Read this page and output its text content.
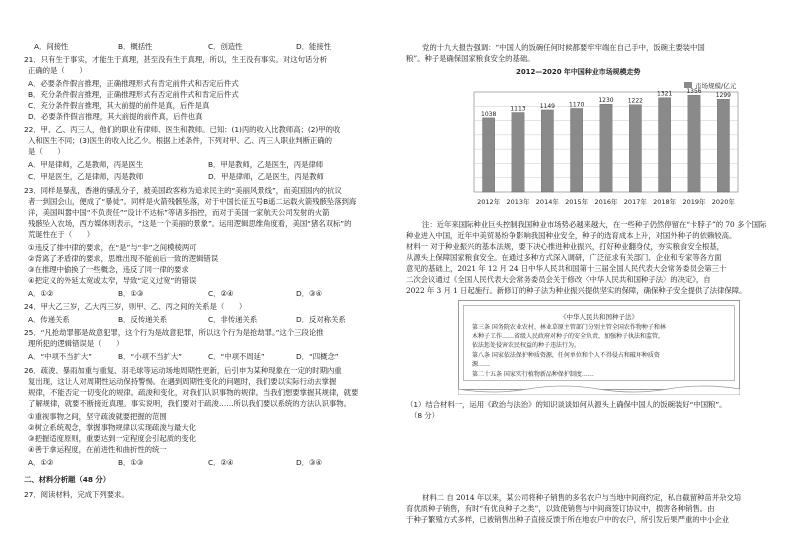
A．间接性	B．概括性	C．创造性	D．能接性
21．只有生于事实，才能生于真理，甚至没有生于真理，所以，生王没有事实。对这句话分析
正确的是（　　）
A．必要条件假言推理，正确推理形式有肯定前件式和否定后件式
B．充分条件假言推理，正确推理形式有否定前件式和肯定后件式
C．充分条件假言推理，其大前提的前件是真，后件是真
D．必要条件假言推理，其大前提的前件真，后件也真
22．甲、乙、丙三人，他们的职业有律师、医生和教师。已知：(1)丙的收入比教师高；(2)甲的收
入和医生不同；(3)医生的收入比乙少。根据上述条件，下列对甲、乙、丙三人职业判断正确的
是（　　）
A．甲是律师，乙是教师，丙是医生	B．甲是教师，乙是医生，丙是律师
C．甲是医生，乙是律师，丙是教师	D．甲是律师，乙是医生，丙是教师
23．同样是暴乱，香港的骚乱分子，被美国政客称为追求民主的“美丽风景线”，而美国国内的抗议
者一到国会山，便成了“暴徒”。同样是火箭残骸坠落，对于中国长征五号B遥二运载火箭残骸坠落到海
洋，美国叫嚣中国“不负责任”“设计不达标”等诸多指控，而对于美国一家航天公司发射的火箭
残骸坠入农场，西方媒体则表示，“这是一个美丽的景象”。运用逻辑思维角度看，美国“猪名双标”的
荒诞性在于（　　）
①违反了排中律的要求，在“是”与“非”之间模棱两可
②背离了矛盾律的要求，思维出现不能前后一致的逻辑错误
③在推理中偷换了一些概念，违反了同一律的要求
④把定义的外延太宽或太窄，导致“定义过宽”的错误
A．①②	B．①③	C．②④	D．③④
24．甲大乙三岁，乙大丙三岁，则甲、乙、丙之间的关系是（　　）
A．传递关系	B．反传递关系	C．非传递关系	D．反对称关系
25．“凡抢劫罪都是故意犯罪，这个行为是故意犯罪，所以这个行为是抢劫罪。”这个三段论推
理所犯的逻辑错误是（　　）
A．“中项不当扩大”	B．“小项不当扩大”	C．“中项不周延”	D．“四概念”
26．疏浚、暴雨加重与重复、羽毛球等运动场地周期性更新，后引申为某种现象在一定的时期内重
复出现，这让人对周期性运动保持警惕。在遇到周期性变化的问题时，我们要以实际行动去掌握
规律，不能否定一切变化的规律。疏浚和变化，对我们认识事物的规律。当我们想要掌握其规律，就要
了解规律，就要不断接近真理。事实说明，我们要对于疏浚……所以我们要以系统的方法认识事物。
①重视事物之间，坚守疏浚就要把握的范围
②树立系统观念，掌握事物规律以实现疏浚与最大化
③把握适度原则，重要达到一定程度会引起质的变化
④善于拿运程度，在前进性和曲折性的统一
A．①②	B．①③	C．②④	D．③④
二、材料分析题（48 分）
27．阅读材料，完成下列要求。
党的十九大报告强调：“中国人的饭碗任何时候都要牢牢端在自己手中，饭碗主要装中国
粮”。种子是确保国家粮食安全的基础。
2012—2020 年中国种业市场规模走势
1038
1113 1149 1170
1230 1222
1321 1356
1299
2012年 2013年 2014年 2015年 2016年 2017年 2018年 2019年 2020年
市场规模/亿元
注：近年来国际种业巨头控制我国种业市场势必越来越大，在一些种子仍然停留在“卡脖子”的 70 多个国际
种业进入中国，近年中美贸易纷争影响我国种业安全，种子的选育成本上升，对国外种子的依赖较高。
材料一 对于种业振兴的基本法规，要下决心推进种业振兴，打好种业翻身仗，夯实粮食安全根基，
从源头上保障国家粮食安全。在通过多种方式深入调研，广泛征求有关部门、企业和专家等各方面
意见的基础上，2021 年 12 月 24 日中华人民共和国第十三届全国人民代表大会常务委员会第三十
二次会议通过《全国人民代表大会常务委员会关于修改〈中华人民共和国种子法〉的决定》，自
2022 年 3 月 1 日起施行。新修订的种子法为种业振兴提供坚实的保障，确保种子安全提供了法律保障。
《中华人民共和国种子法》
第三条 国务院农业农村、林业草原主管部门分别主管全国农作物种子和林
木种子工作……省级人民政府对种子的安全负责，加强种子执法和监管，
依法惩处侵害农民权益的种子违法行为。
第八条 国家依法保护种质资源，任何单位和个人不得侵占和破坏种质资
源……
第二十五条 国家实行植物新品种保护制度……
（1）结合材料一，运用《政治与法治》的知识谈谈如何从源头上确保中国人的饭碗装好“中国粮”。
（8 分）
材料二 自 2014 年以来，某公司将种子销售的多名农户与当地中间商约定，私自截留种苗并杂交培
育优质种子销售，有时“有优良种子之类”，以致使销售与中间商签订协议中，损害各种销售。由
于种子繁殖方式多样，已被销售出种子直接反馈于所在地农户中的农户，所引发后果严重的中小企业
